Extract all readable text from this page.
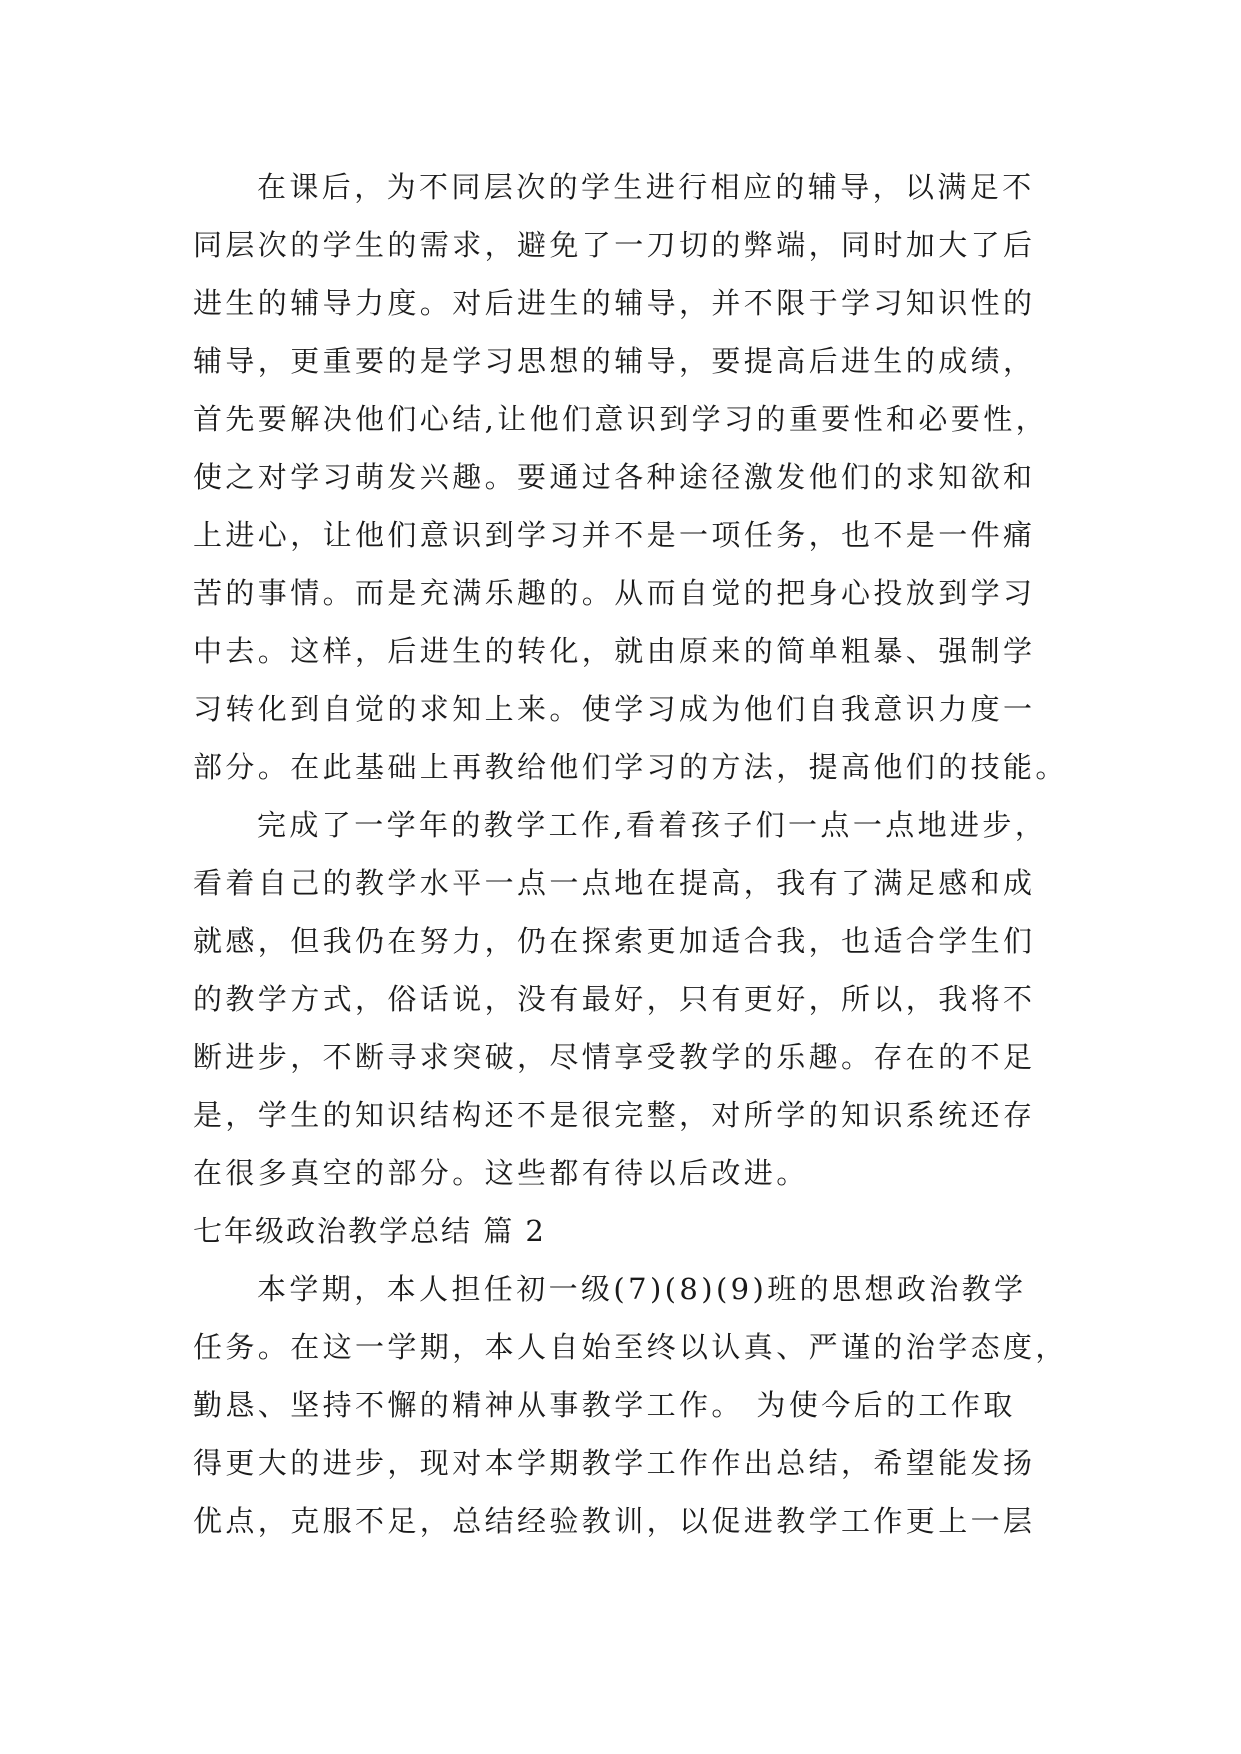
在课后，为不同层次的学生进行相应的辅导，以满足不
同层次的学生的需求，避免了一刀切的弊端，同时加大了后
进生的辅导力度。对后进生的辅导，并不限于学习知识性的
辅导，更重要的是学习思想的辅导，要提高后进生的成绩，
首先要解决他们心结,让他们意识到学习的重要性和必要性，
使之对学习萌发兴趣。要通过各种途径激发他们的求知欲和
上进心，让他们意识到学习并不是一项任务，也不是一件痛
苦的事情。而是充满乐趣的。从而自觉的把身心投放到学习
中去。这样，后进生的转化，就由原来的简单粗暴、强制学
习转化到自觉的求知上来。使学习成为他们自我意识力度一
部分。在此基础上再教给他们学习的方法，提高他们的技能。
完成了一学年的教学工作,看着孩子们一点一点地进步，
看着自己的教学水平一点一点地在提高，我有了满足感和成
就感，但我仍在努力，仍在探索更加适合我，也适合学生们
的教学方式，俗话说，没有最好，只有更好，所以，我将不
断进步，不断寻求突破，尽情享受教学的乐趣。存在的不足
是，学生的知识结构还不是很完整，对所学的知识系统还存
在很多真空的部分。这些都有待以后改进。
七年级政治教学总结 篇 2
本学期，本人担任初一级(7)(8)(9)班的思想政治教学
任务。在这一学期，本人自始至终以认真、严谨的治学态度，
勤恳、坚持不懈的精神从事教学工作。 为使今后的工作取
得更大的进步，现对本学期教学工作作出总结，希望能发扬
优点，克服不足，总结经验教训，以促进教学工作更上一层
